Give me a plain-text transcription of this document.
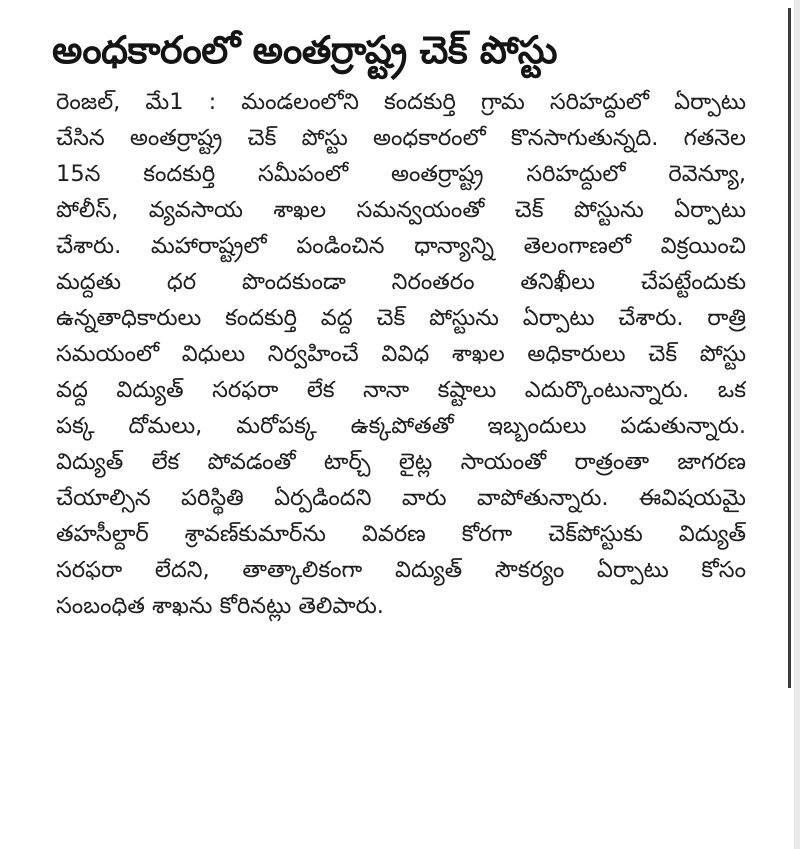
అంధకారంలో అంతర్రాష్ట్ర చెక్ పోస్టు
రెంజల్, మే1 : మండలంలోని కందకుర్తి గ్రామ సరిహద్దులో ఏర్పాటు
చేసిన అంతర్రాష్ట్ర చెక్ పోస్టు అంధకారంలో కొనసాగుతున్నది. గతనెల
15న కందకుర్తి సమీపంలో అంతర్రాష్ట్ర సరిహద్దులో రెవెన్యూ,
పోలీస్, వ్యవసాయ శాఖల సమన్వయంతో చెక్ పోస్టును ఏర్పాటు
చేశారు. మహారాష్ట్రలో పండించిన ధాన్యాన్ని తెలంగాణలో విక్రయించి
మద్దతు ధర పొందకుండా నిరంతరం తనిఖీలు చేపట్టేందుకు
ఉన్నతాధికారులు కందకుర్తి వద్ద చెక్ పోస్టును ఏర్పాటు చేశారు. రాత్రి
సమయంలో విధులు నిర్వహించే వివిధ శాఖల అధికారులు చెక్ పోస్టు
వద్ద విద్యుత్ సరఫరా లేక నానా కష్టాలు ఎదుర్కొంటున్నారు. ఒక
పక్క దోమలు, మరోపక్క ఉక్కపోతతో ఇబ్బందులు పడుతున్నారు.
విద్యుత్ లేక పోవడంతో టార్చ్ లైట్ల సాయంతో రాత్రంతా జాగరణ
చేయాల్సిన పరిస్థితి ఏర్పడిందని వారు వాపోతున్నారు. ఈవిషయమై
తహసీల్దార్ శ్రావణ్‌కుమార్‌ను వివరణ కోరగా చెక్‌పోస్టుకు విద్యుత్
సరఫరా లేదని, తాత్కాలికంగా విద్యుత్ సౌకర్యం ఏర్పాటు కోసం
సంబంధిత శాఖను కోరినట్లు తెలిపారు.
